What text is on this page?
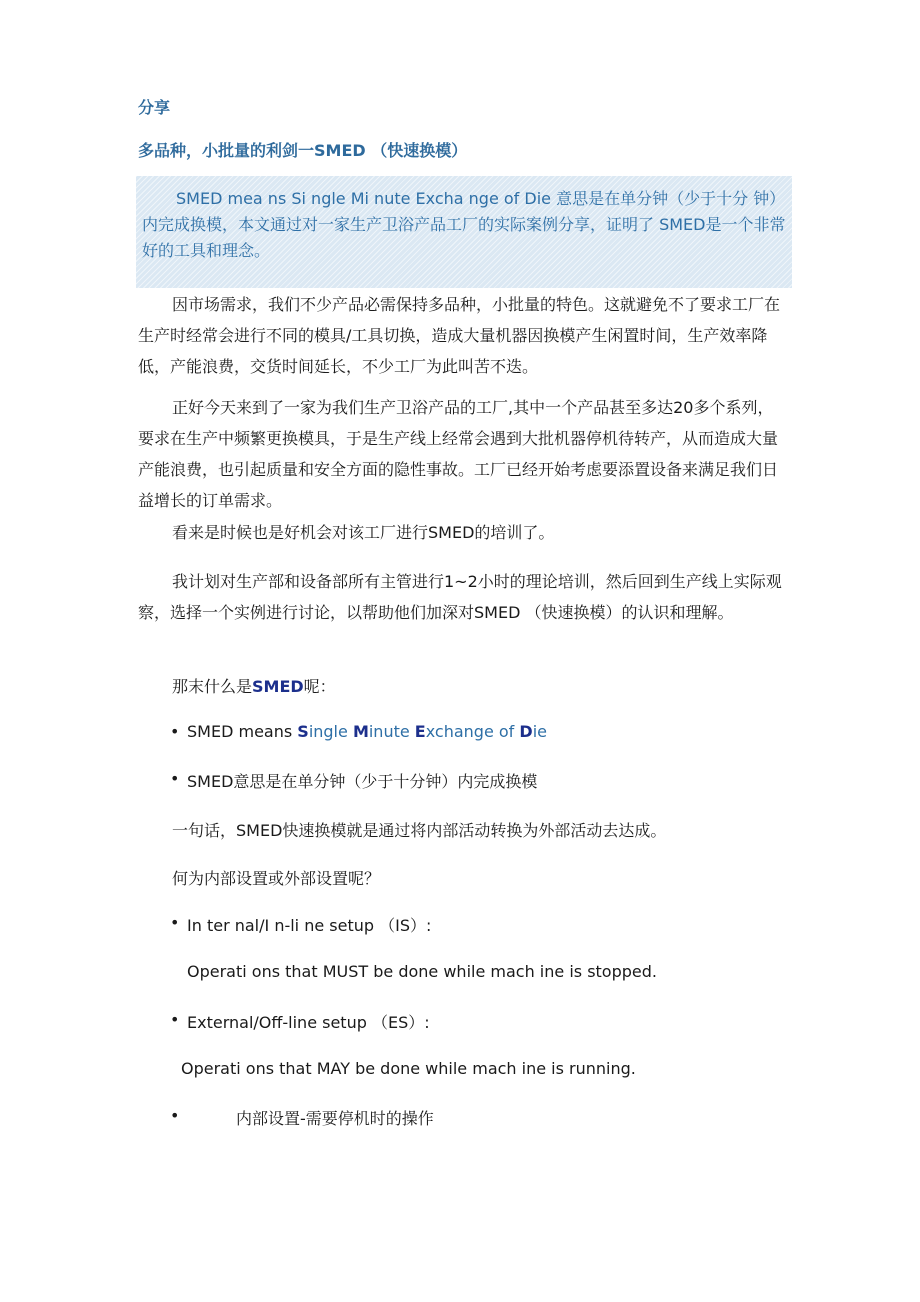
分享
多品种，小批量的利剑一SMED （快速换模）

SMED mea ns Si ngle Mi nute Excha nge of Die 意思是在单分钟（少于十分 钟）内完成换模，本文通过对一家生产卫浴产品工厂的实际案例分享，证明了 SMED是一个非常好的工具和理念。

因市场需求，我们不少产品必需保持多品种，小批量的特色。这就避免不了要求工厂在生产时经常会进行不同的模具/工具切换，造成大量机器因换模产生闲置时间，生产效率降低，产能浪费，交货时间延长，不少工厂为此叫苦不迭。

正好今天来到了一家为我们生产卫浴产品的工厂,其中一个产品甚至多达20多个系列，要求在生产中频繁更换模具，于是生产线上经常会遇到大批机器停机待转产，从而造成大量产能浪费，也引起质量和安全方面的隐性事故。工厂已经开始考虑要添置设备来满足我们日益增长的订单需求。

看来是时候也是好机会对该工厂进行SMED的培训了。

我计划对生产部和设备部所有主管进行1~2小时的理论培训，然后回到生产线上实际观察，选择一个实例进行讨论，以帮助他们加深对SMED （快速换模）的认识和理解。

那末什么是SMED呢：

• SMED means Single Minute Exchange of Die

• SMED意思是在单分钟（少于十分钟）内完成换模

一句话，SMED快速换模就是通过将内部活动转换为外部活动去达成。

何为内部设置或外部设置呢？

• In ter nal/I n-li ne setup （IS）:

Operati ons that MUST be done while mach ine is stopped.

• External/Off-line setup （ES）:

Operati ons that MAY be done while mach ine is running.

•	内部设置-需要停机时的操作
